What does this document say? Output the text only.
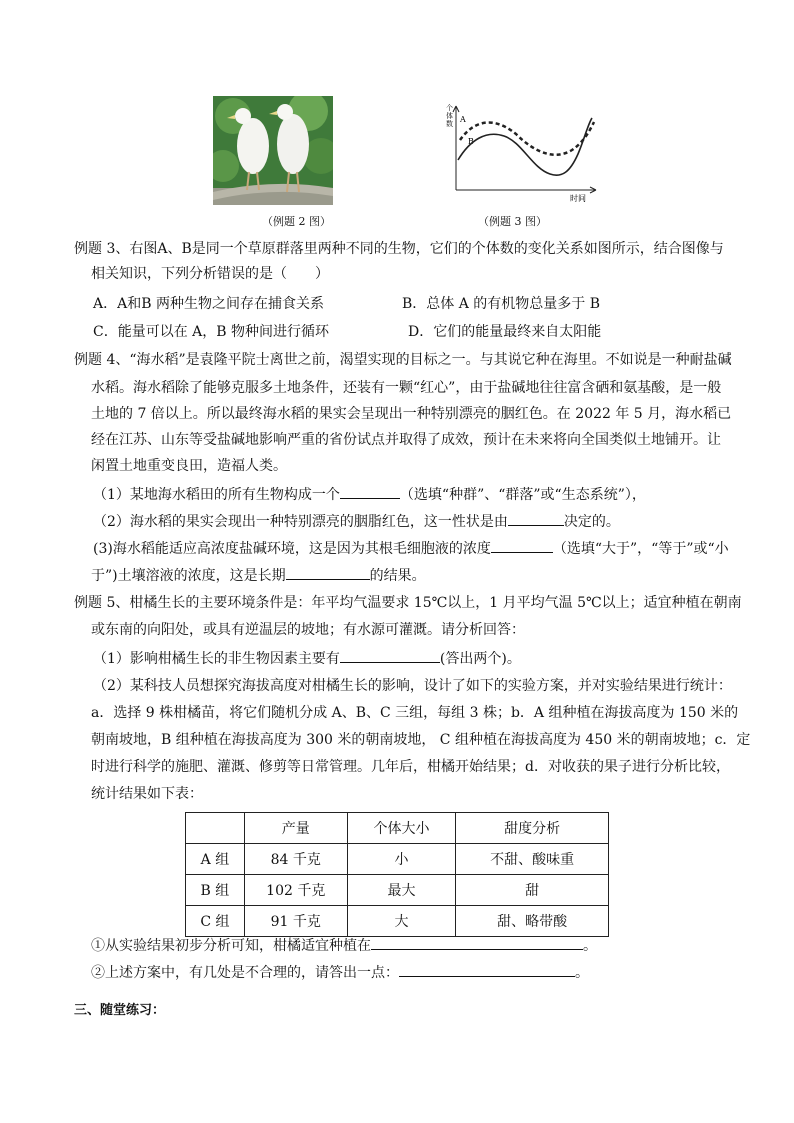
个
体
数
时间
A
B
（例题 2 图）	（例题 3 图）
例题 3、右图A、B是同一个草原群落里两种不同的生物，它们的个体数的变化关系如图所示，结合图像与
相关知识，下列分析错误的是（　　）
A．A和B 两种生物之间存在捕食关系	B．总体 A 的有机物总量多于 B
C．能量可以在 A，B 物种间进行循环	D．它们的能量最终来自太阳能
例题 4、“海水稻”是袁隆平院士离世之前，渴望实现的目标之一。与其说它种在海里。不如说是一种耐盐碱
水稻。海水稻除了能够克服多土地条件，还装有一颗“红心”，由于盐碱地往往富含硒和氨基酸，是一般
土地的 7 倍以上。所以最终海水稻的果实会呈现出一种特别漂亮的胭红色。在 2022 年 5 月，海水稻已
经在江苏、山东等受盐碱地影响严重的省份试点并取得了成效，预计在未来将向全国类似土地铺开。让
闲置土地重变良田，造福人类。
（1）某地海水稻田的所有生物构成一个	（选填“种群”、“群落”或“生态系统”），
（2）海水稻的果实会现出一种特别漂亮的胭脂红色，这一性状是由	决定的。
(3)海水稻能适应高浓度盐碱环境，这是因为其根毛细胞液的浓度	（选填“大于”，“等于”或“小
于”)土壤溶液的浓度，这是长期	的结果。
例题 5、柑橘生长的主要环境条件是：年平均气温要求 15℃以上，1 月平均气温 5℃以上；适宜种植在朝南
或东南的向阳处，或具有逆温层的坡地；有水源可灌溉。请分析回答：
（1）影响柑橘生长的非生物因素主要有	(答出两个)。
（2）某科技人员想探究海拔高度对柑橘生长的影响，设计了如下的实验方案，并对实验结果进行统计：
a．选择 9 株柑橘苗，将它们随机分成 A、B、C 三组，每组 3 株；b．A 组种植在海拔高度为 150 米的
朝南坡地，B 组种植在海拔高度为 300 米的朝南坡地， C 组种植在海拔高度为 450 米的朝南坡地；c．定
时进行科学的施肥、灌溉、修剪等日常管理。几年后，柑橘开始结果；d．对收获的果子进行分析比较，
统计结果如下表：
	产量	个体大小	甜度分析
A 组	84 千克	小	不甜、酸味重
B 组	102 千克	最大	甜
C 组	91 千克	大	甜、略带酸
①从实验结果初步分析可知，柑橘适宜种植在	。
②上述方案中，有几处是不合理的，请答出一点：	。
三、随堂练习：
